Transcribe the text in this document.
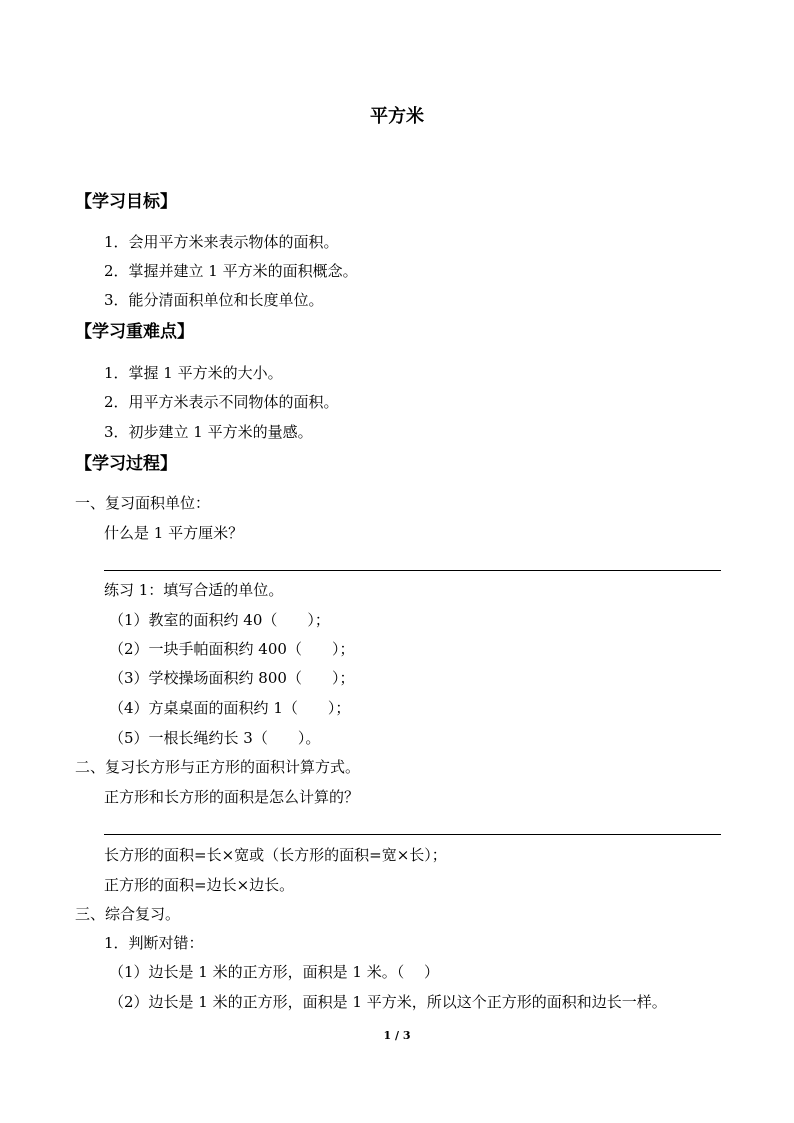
平方米
【学习目标】
1．会用平方米来表示物体的面积。
2．掌握并建立 1 平方米的面积概念。
3．能分清面积单位和长度单位。
【学习重难点】
1．掌握 1 平方米的大小。
2．用平方米表示不同物体的面积。
3．初步建立 1 平方米的量感。
【学习过程】
一、复习面积单位：
什么是 1 平方厘米？
练习 1：填写合适的单位。
（1）教室的面积约 40（　　）；
（2）一块手帕面积约 400（　　）；
（3）学校操场面积约 800（　　）；
（4）方桌桌面的面积约 1（　　）；
（5）一根长绳约长 3（　　）。
二、复习长方形与正方形的面积计算方式。
正方形和长方形的面积是怎么计算的？
长方形的面积=长×宽或（长方形的面积=宽×长）；
正方形的面积=边长×边长。
三、综合复习。
1．判断对错：
（1）边长是 1 米的正方形，面积是 1 米。（　 ）
（2）边长是 1 米的正方形，面积是 1 平方米，所以这个正方形的面积和边长一样。
1 / 3
